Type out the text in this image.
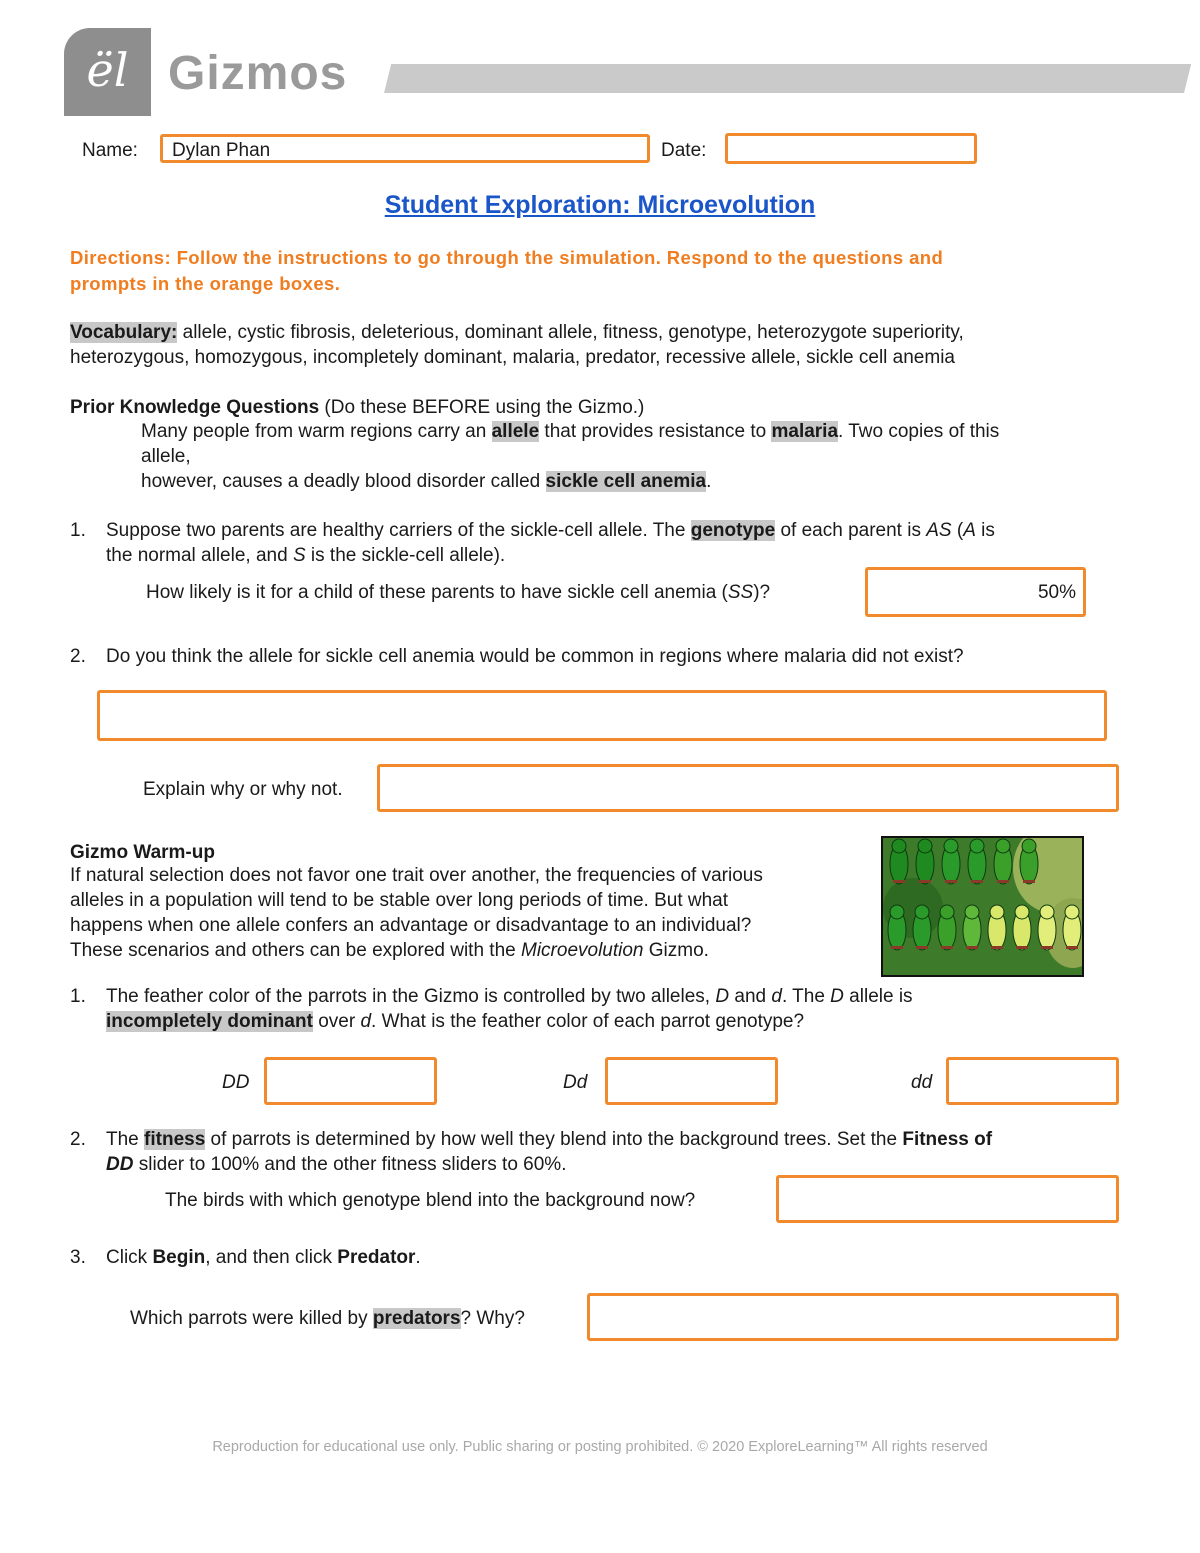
ël Gizmos
Name: Dylan Phan	Date:
Student Exploration: Microevolution
Directions: Follow the instructions to go through the simulation. Respond to the questions and
prompts in the orange boxes.
Vocabulary: allele, cystic fibrosis, deleterious, dominant allele, fitness, genotype, heterozygote superiority,
heterozygous, homozygous, incompletely dominant, malaria, predator, recessive allele, sickle cell anemia
Prior Knowledge Questions (Do these BEFORE using the Gizmo.)
Many people from warm regions carry an allele that provides resistance to malaria. Two copies of this
allele,
however, causes a deadly blood disorder called sickle cell anemia.
1. Suppose two parents are healthy carriers of the sickle-cell allele. The genotype of each parent is AS (A is
the normal allele, and S is the sickle-cell allele).
How likely is it for a child of these parents to have sickle cell anemia (SS)?	50%
2. Do you think the allele for sickle cell anemia would be common in regions where malaria did not exist?
Explain why or why not.
Gizmo Warm-up
If natural selection does not favor one trait over another, the frequencies of various
alleles in a population will tend to be stable over long periods of time. But what
happens when one allele confers an advantage or disadvantage to an individual?
These scenarios and others can be explored with the Microevolution Gizmo.
1. The feather color of the parrots in the Gizmo is controlled by two alleles, D and d. The D allele is
incompletely dominant over d. What is the feather color of each parrot genotype?
DD	Dd	dd
2. The fitness of parrots is determined by how well they blend into the background trees. Set the Fitness of
DD slider to 100% and the other fitness sliders to 60%.
The birds with which genotype blend into the background now?
3. Click Begin, and then click Predator.
Which parrots were killed by predators? Why?
Reproduction for educational use only. Public sharing or posting prohibited. © 2020 ExploreLearning™ All rights reserved
